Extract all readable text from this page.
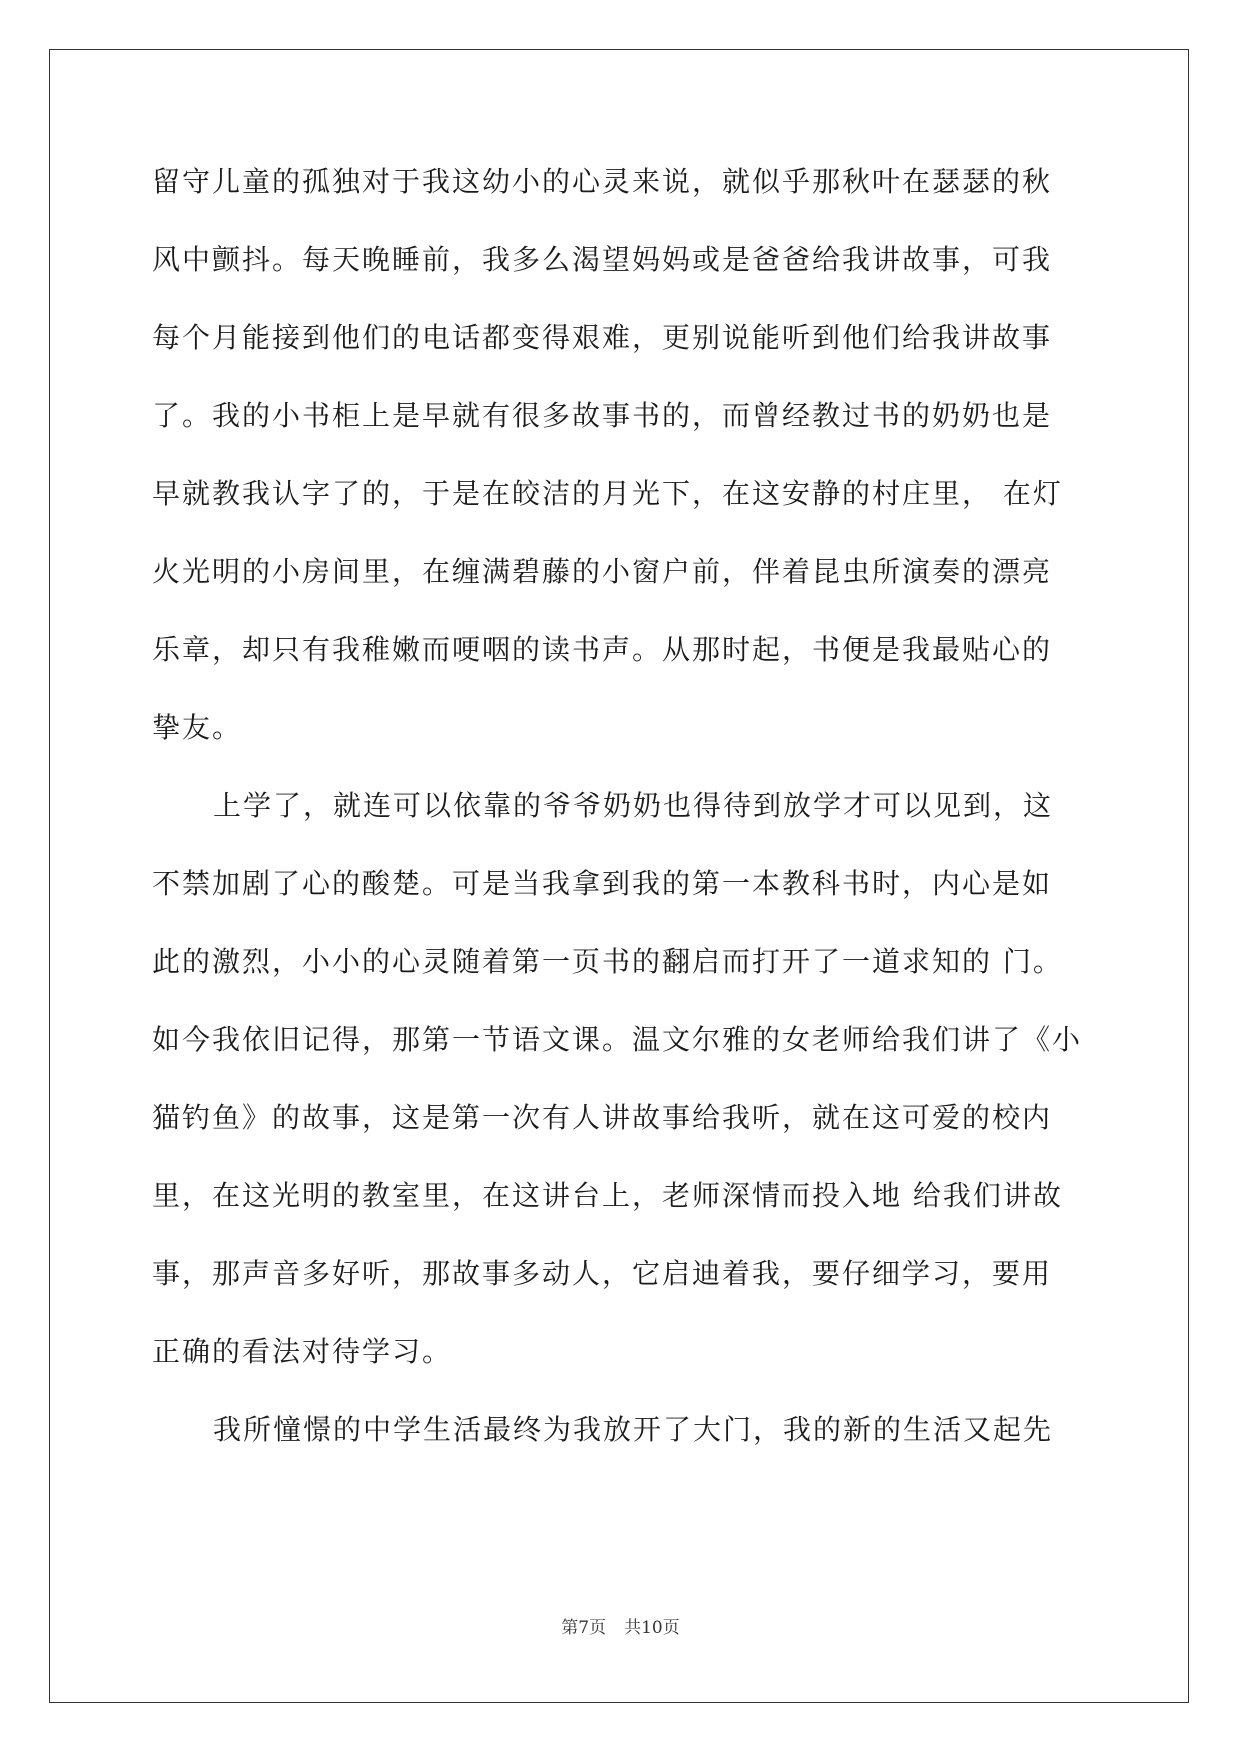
留守儿童的孤独对于我这幼小的心灵来说，就似乎那秋叶在瑟瑟的秋
风中颤抖。每天晚睡前，我多么渴望妈妈或是爸爸给我讲故事，可我
每个月能接到他们的电话都变得艰难，更别说能听到他们给我讲故事
了。我的小书柜上是早就有很多故事书的，而曾经教过书的奶奶也是
早就教我认字了的，于是在皎洁的月光下，在这安静的村庄里， 在灯
火光明的小房间里，在缠满碧藤的小窗户前，伴着昆虫所演奏的漂亮
乐章，却只有我稚嫩而哽咽的读书声。从那时起，书便是我最贴心的
挚友。
上学了，就连可以依靠的爷爷奶奶也得待到放学才可以见到，这
不禁加剧了心的酸楚。可是当我拿到我的第一本教科书时，内心是如
此的激烈，小小的心灵随着第一页书的翻启而打开了一道求知的 门。
如今我依旧记得，那第一节语文课。温文尔雅的女老师给我们讲了《小
猫钓鱼》的故事，这是第一次有人讲故事给我听，就在这可爱的校内
里，在这光明的教室里，在这讲台上，老师深情而投入地 给我们讲故
事，那声音多好听，那故事多动人，它启迪着我，要仔细学习，要用
正确的看法对待学习。
我所憧憬的中学生活最终为我放开了大门，我的新的生活又起先
第7页 共10页
